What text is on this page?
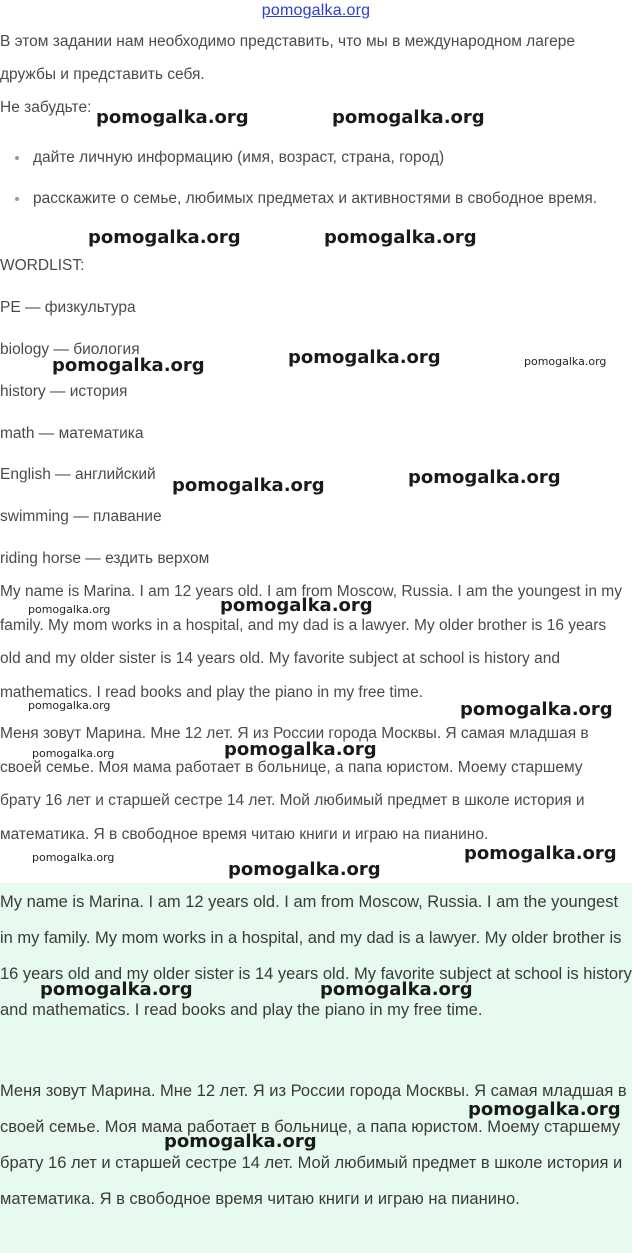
pomogalka.org

В этом задании нам необходимо представить, что мы в международном лагере дружбы и представить себя.

Не забудьте:

дайте личную информацию (имя, возраст, страна, город)
расскажите о семье, любимых предметах и активностями в свободное время.

WORDLIST:

PE — физкультура

biology — биология

history — история

math — математика

English — английский

swimming — плавание

riding horse — ездить верхом

My name is Marina. I am 12 years old. I am from Moscow, Russia. I am the youngest in my family. My mom works in a hospital, and my dad is a lawyer. My older brother is 16 years old and my older sister is 14 years old. My favorite subject at school is history and mathematics. I read books and play the piano in my free time.

Меня зовут Марина. Мне 12 лет. Я из России города Москвы. Я самая младшая в своей семье. Моя мама работает в больнице, а папа юристом. Моему старшему брату 16 лет и старшей сестре 14 лет. Мой любимый предмет в школе история и математика. Я в свободное время читаю книги и играю на пианино.

My name is Marina. I am 12 years old. I am from Moscow, Russia. I am the youngest in my family. My mom works in a hospital, and my dad is a lawyer. My older brother is 16 years old and my older sister is 14 years old. My favorite subject at school is history and mathematics. I read books and play the piano in my free time.

Меня зовут Марина. Мне 12 лет. Я из России города Москвы. Я самая младшая в своей семье. Моя мама работает в больнице, а папа юристом. Моему старшему брату 16 лет и старшей сестре 14 лет. Мой любимый предмет в школе история и математика. Я в свободное время читаю книги и играю на пианино.

pomogalka.org	pomogalka.org
pomogalka.org	pomogalka.org
pomogalka.org	pomogalka.org
pomogalka.org
pomogalka.org
pomogalka.org
pomogalka.org
pomogalka.org
pomogalka.org	pomogalka.org
pomogalka.org
pomogalka.org
pomogalka.org
pomogalka.org
pomogalka.org
pomogalka.org	pomogalka.org
pomogalka.org
pomogalka.org
